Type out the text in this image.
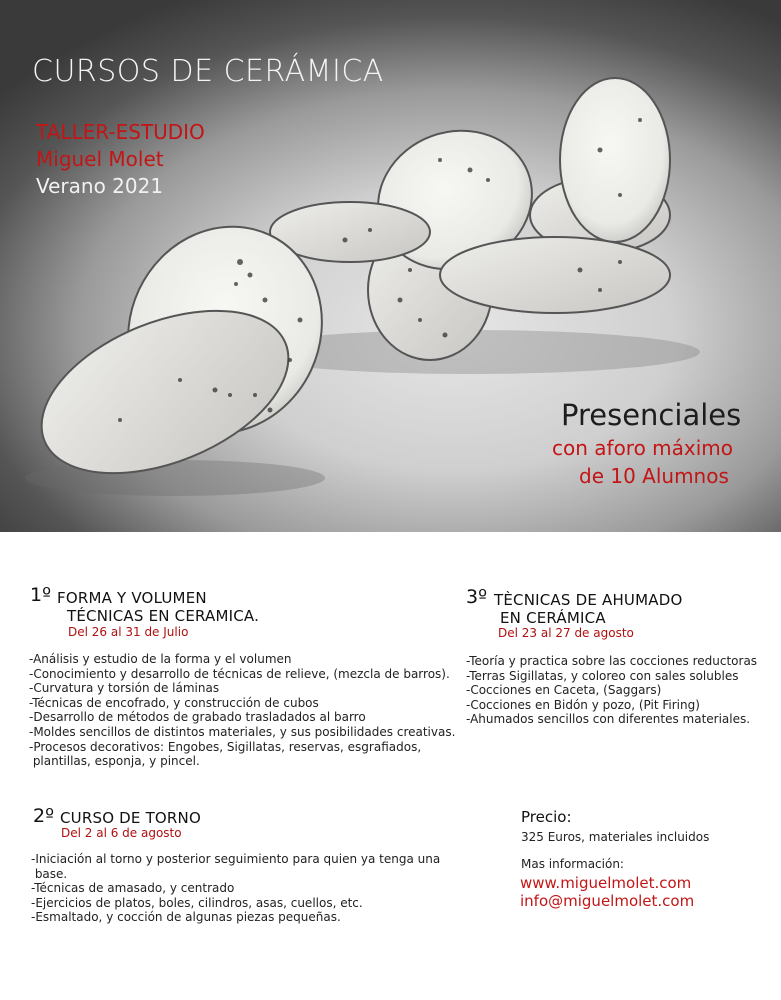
CURSOS DE CERÁMICA
TALLER-ESTUDIO
Miguel Molet
Verano 2021
Presenciales
con aforo máximo
de 10 Alumnos
1º FORMA Y VOLUMEN
TÉCNICAS EN CERAMICA.
Del 26 al 31 de Julio
-Análisis y estudio de la forma y el volumen
-Conocimiento y desarrollo de técnicas de relieve, (mezcla de barros).
-Curvatura y torsión de láminas
-Técnicas de encofrado, y construcción de cubos
-Desarrollo de métodos de grabado trasladados al barro
-Moldes sencillos de distintos materiales, y sus posibilidades creativas.
-Procesos decorativos: Engobes, Sigillatas, reservas, esgrafiados,
plantillas, esponja, y pincel.
3º TÈCNICAS DE AHUMADO
EN CERÁMICA
Del 23 al 27 de agosto
-Teoría y practica sobre las cocciones reductoras
-Terras Sigillatas, y coloreo con sales solubles
-Cocciones en Caceta, (Saggars)
-Cocciones en Bidón y pozo, (Pit Firing)
-Ahumados sencillos con diferentes materiales.
2º CURSO DE TORNO
Del 2 al 6 de agosto
-Iniciación al torno y posterior seguimiento para quien ya tenga una
base.
-Técnicas de amasado, y centrado
-Ejercicios de platos, boles, cilindros, asas, cuellos, etc.
-Esmaltado, y cocción de algunas piezas pequeñas.
Precio:
325 Euros, materiales incluidos
Mas información:
www.miguelmolet.com
info@miguelmolet.com
